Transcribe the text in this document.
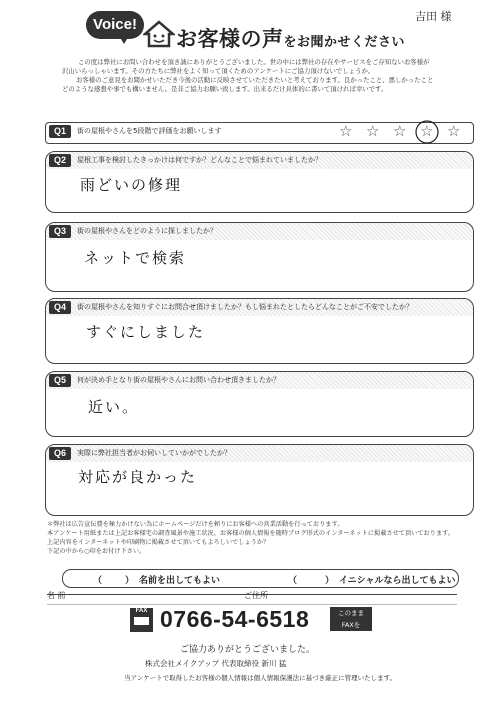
吉田 様
Voice!
お客様の声をお聞かせください
この度は弊社にお問い合わせを頂き誠にありがとうございました。世の中には弊社の存在やサービスをご存知ないお客様が
沢山いらっしゃいます。その方たちに弊社をよく知って頂くためのアンケートにご協力頂けないでしょうか。
お客様のご意見をお聞かせいただき今後の活動に反映させていただきたいと考えております。良かったこと、悪しかったこと
どのような感想や事でも構いません。是非ご協力お願い致します。出来るだけ具体的に書いて頂ければ幸いです。
Q1	街の屋根やさんを5段階で評価をお願いします	☆ ☆ ☆ ☆ ☆
Q2	屋根工事を検討したきっかけは何ですか？どんなことで悩まれていましたか？
雨どいの修理
Q3	街の屋根やさんをどのように探しましたか？
ネットで検索
Q4	街の屋根やさんを知りすぐにお問合せ頂けましたか？もし悩まれたとしたらどんなことがご不安でしたか？
すぐにしました
Q5	何が決め手となり街の屋根やさんにお問い合わせ頂きましたか？
近い。
Q6	実際に弊社担当者がお伺いしていかがでしたか？
対応が良かった
＊弊社は広告宣伝費を極力かけない為にホームページだけを頼りにお客様への営業活動を行っております。
本アンケート用紙または上記お客様宅の調査風景や施工状況、お客様の個人情報を随時ブログ形式のインターネットに掲載させて頂いております。
上記内容をインターネットや印刷物に掲載させて頂いてもよろしいでしょうか？
下記の中から○印をお付け下さい。
（	） 名前を出してもよい	（	） イニシャルなら出してもよい
名 前	ご住所
FAX 0766-54-6518	このまま
FAXを
ご協力ありがとうございました。
株式会社メイクアップ 代表取締役 新川 猛
当アンケートで取得したお客様の個人情報は個人情報保護法に基づき厳正に管理いたします。
